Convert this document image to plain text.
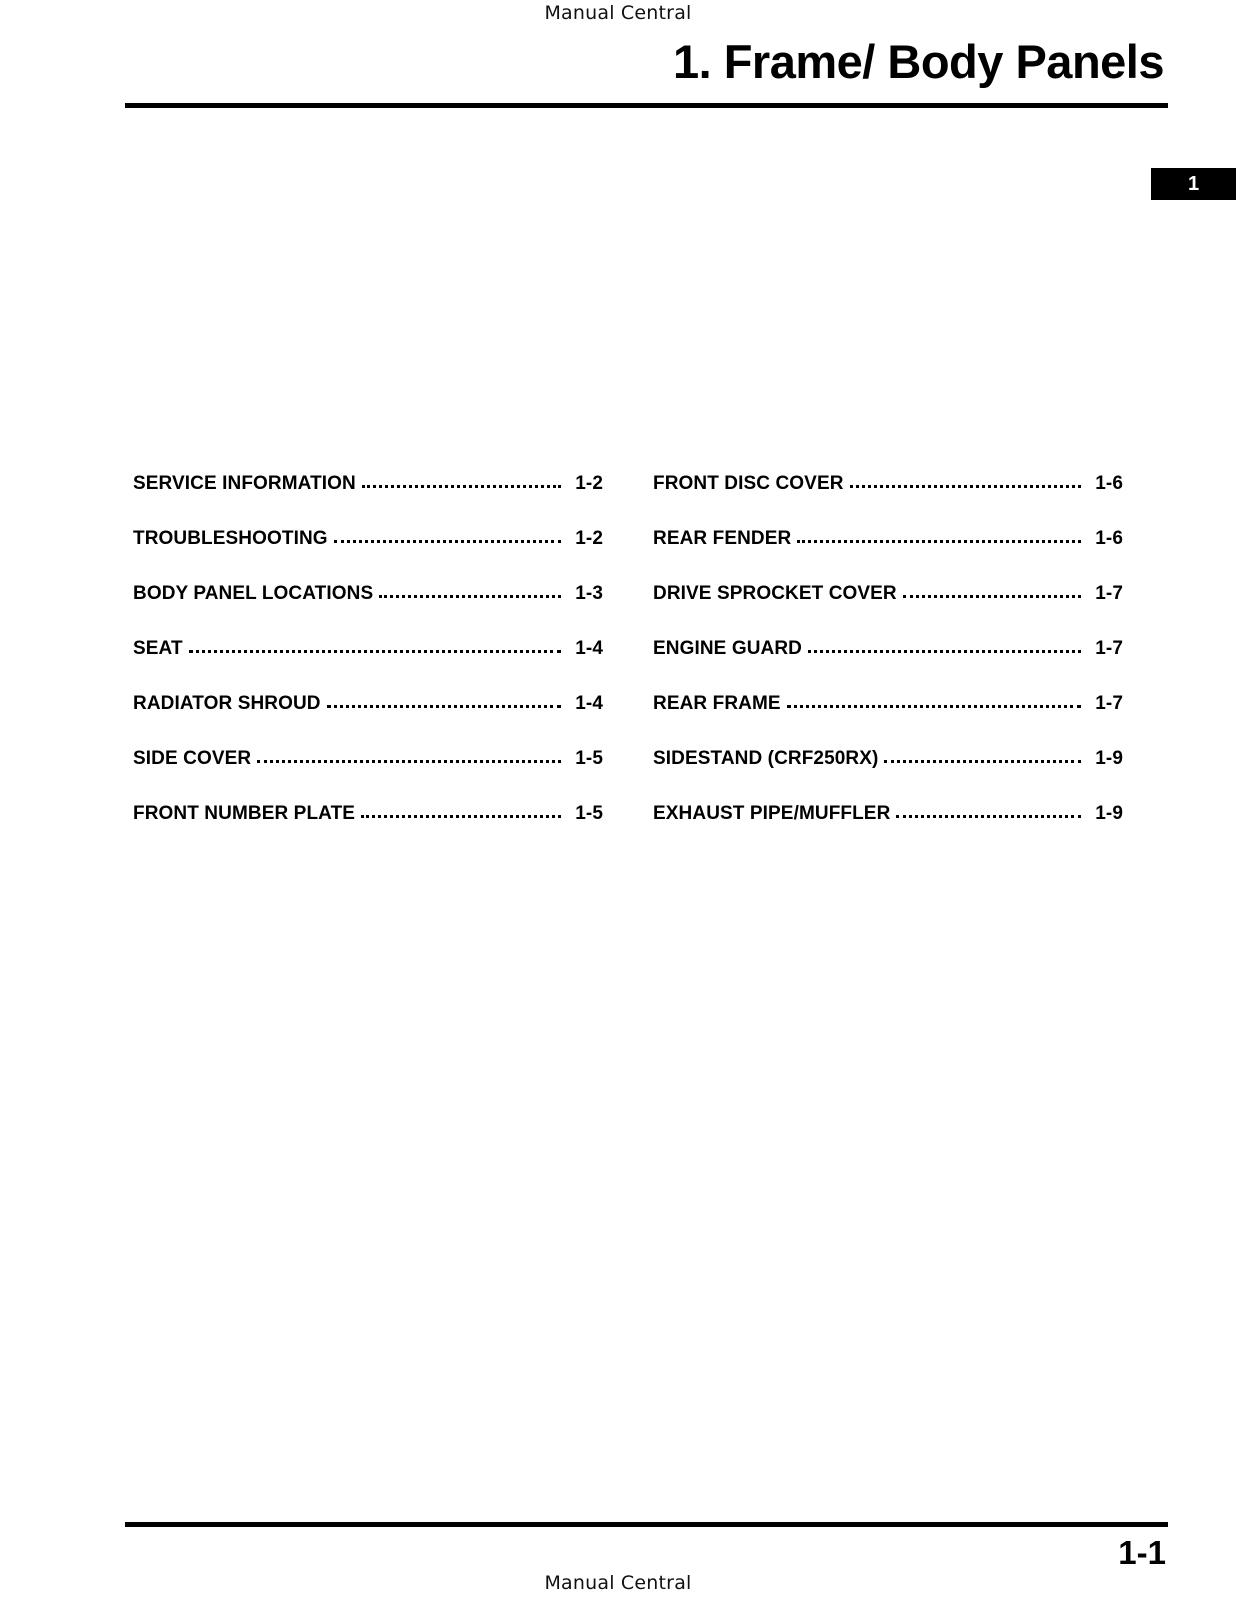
Manual Central
1. Frame/ Body Panels
1
SERVICE INFORMATION	1-2
TROUBLESHOOTING	1-2
BODY PANEL LOCATIONS	1-3
SEAT	1-4
RADIATOR SHROUD	1-4
SIDE COVER	1-5
FRONT NUMBER PLATE	1-5
FRONT DISC COVER	1-6
REAR FENDER	1-6
DRIVE SPROCKET COVER	1-7
ENGINE GUARD	1-7
REAR FRAME	1-7
SIDESTAND (CRF250RX)	1-9
EXHAUST PIPE/MUFFLER	1-9
1-1
Manual Central
